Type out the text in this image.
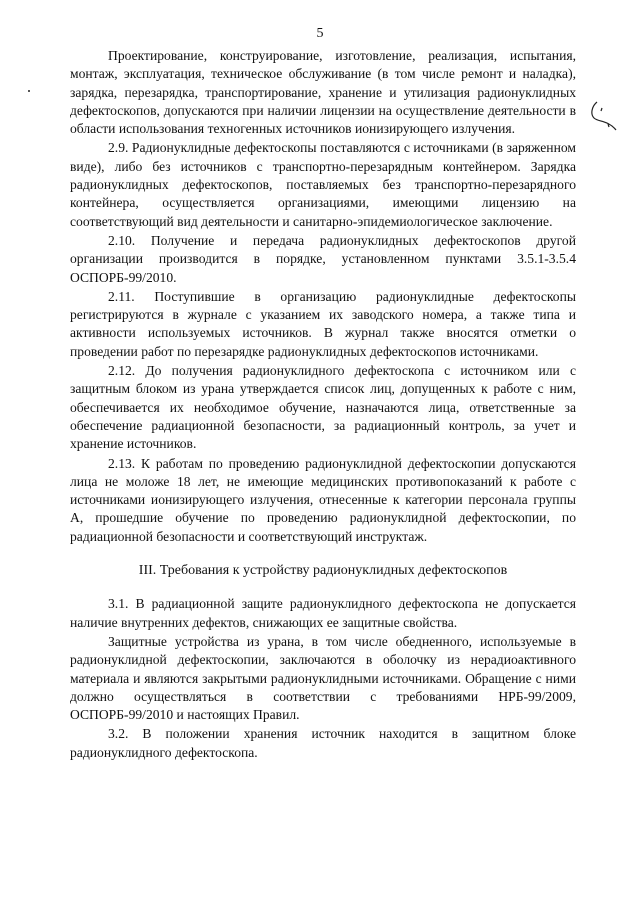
5

Проектирование, конструирование, изготовление, реализация, испытания, монтаж, эксплуатация, техническое обслуживание (в том числе ремонт и наладка), зарядка, перезарядка, транспортирование, хранение и утилизация радионуклидных дефектоскопов, допускаются при наличии лицензии на осуществление деятельности в области использования техногенных источников ионизирующего излучения.

2.9. Радионуклидные дефектоскопы поставляются с источниками (в заряженном виде), либо без источников с транспортно-перезарядным контейнером. Зарядка радионуклидных дефектоскопов, поставляемых без транспортно-перезарядного контейнера, осуществляется организациями, имеющими лицензию на соответствующий вид деятельности и санитарно-эпидемиологическое заключение.

2.10. Получение и передача радионуклидных дефектоскопов другой организации производится в порядке, установленном пунктами 3.5.1-3.5.4 ОСПОРБ-99/2010.

2.11. Поступившие в организацию радионуклидные дефектоскопы регистрируются в журнале с указанием их заводского номера, а также типа и активности используемых источников. В журнал также вносятся отметки о проведении работ по перезарядке радионуклидных дефектоскопов источниками.

2.12. До получения радионуклидного дефектоскопа с источником или с защитным блоком из урана утверждается список лиц, допущенных к работе с ним, обеспечивается их необходимое обучение, назначаются лица, ответственные за обеспечение радиационной безопасности, за радиационный контроль, за учет и хранение источников.

2.13. К работам по проведению радионуклидной дефектоскопии допускаются лица не моложе 18 лет, не имеющие медицинских противопоказаний к работе с источниками ионизирующего излучения, отнесенные к категории персонала группы А, прошедшие обучение по проведению радионуклидной дефектоскопии, по радиационной безопасности и соответствующий инструктаж.

III. Требования к устройству радионуклидных дефектоскопов

3.1. В радиационной защите радионуклидного дефектоскопа не допускается наличие внутренних дефектов, снижающих ее защитные свойства.

Защитные устройства из урана, в том числе обедненного, используемые в радионуклидной дефектоскопии, заключаются в оболочку из нерадиоактивного материала и являются закрытыми радионуклидными источниками. Обращение с ними должно осуществляться в соответствии с требованиями НРБ-99/2009, ОСПОРБ-99/2010 и настоящих Правил.

3.2. В положении хранения источник находится в защитном блоке радионуклидного дефектоскопа.
